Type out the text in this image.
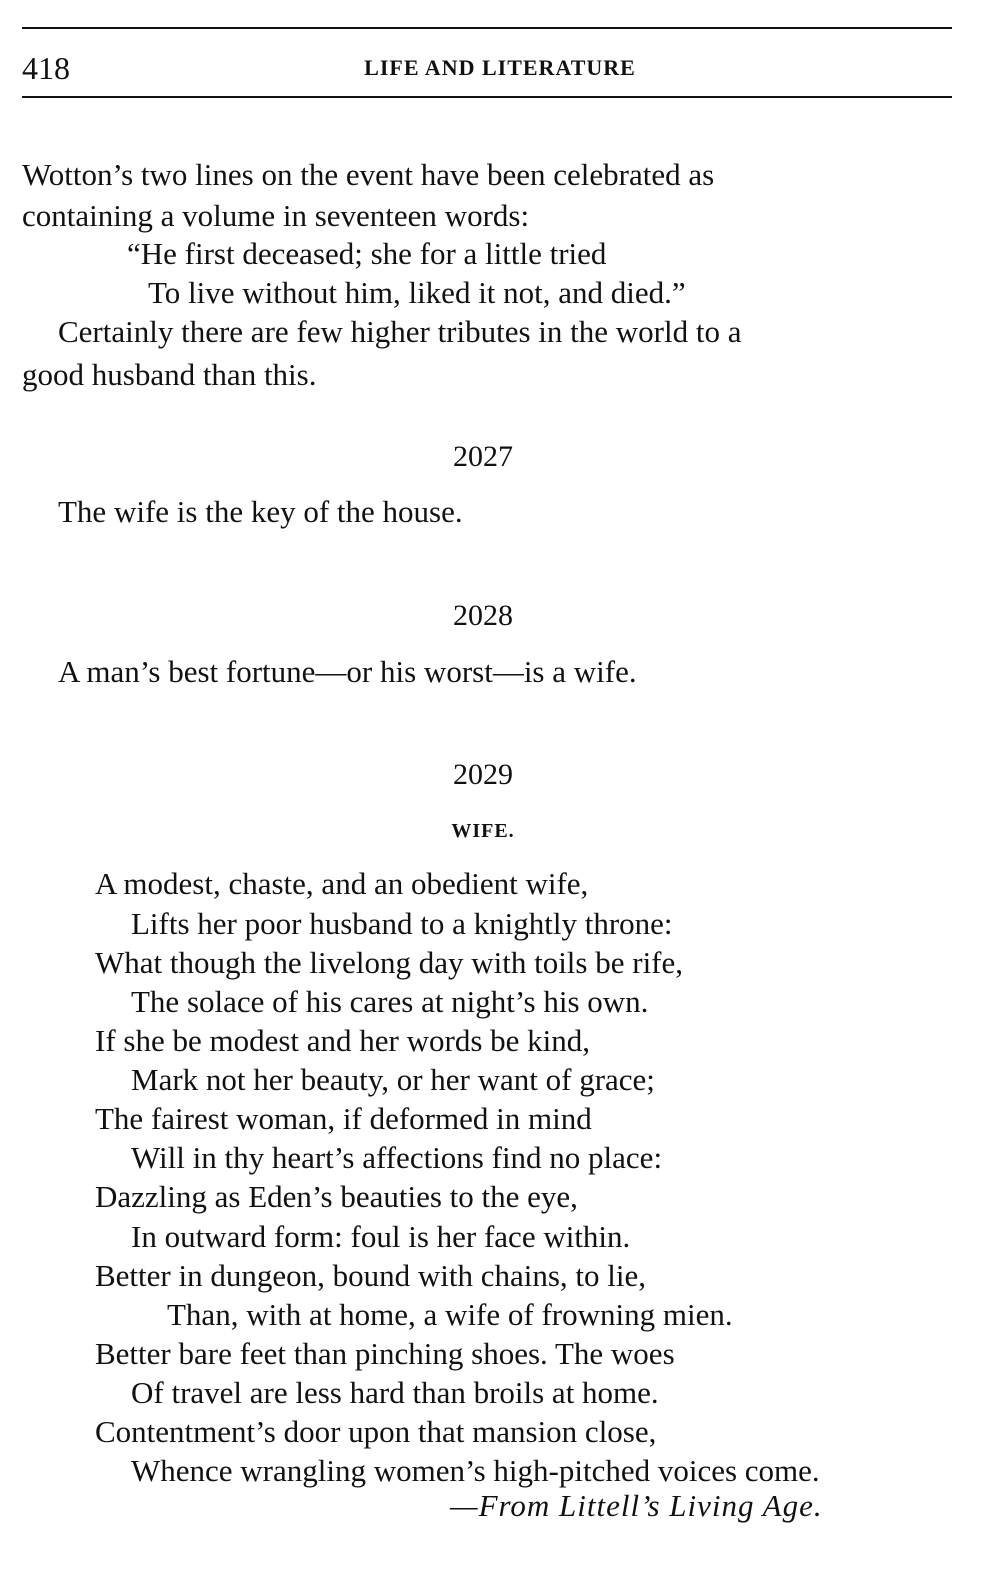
418	LIFE AND LITERATURE
Wotton’s two lines on the event have been celebrated as
containing a volume in seventeen words:
“He first deceased; she for a little tried
To live without him, liked it not, and died.”
Certainly there are few higher tributes in the world to a
good husband than this.
2027
The wife is the key of the house.
2028
A man’s best fortune—or his worst—is a wife.
2029
WIFE.
A modest, chaste, and an obedient wife,
Lifts her poor husband to a knightly throne:
What though the livelong day with toils be rife,
The solace of his cares at night’s his own.
If she be modest and her words be kind,
Mark not her beauty, or her want of grace;
The fairest woman, if deformed in mind
Will in thy heart’s affections find no place:
Dazzling as Eden’s beauties to the eye,
In outward form: foul is her face within.
Better in dungeon, bound with chains, to lie,
Than, with at home, a wife of frowning mien.
Better bare feet than pinching shoes. The woes
Of travel are less hard than broils at home.
Contentment’s door upon that mansion close,
Whence wrangling women’s high-pitched voices come.
—From Littell’s Living Age.
